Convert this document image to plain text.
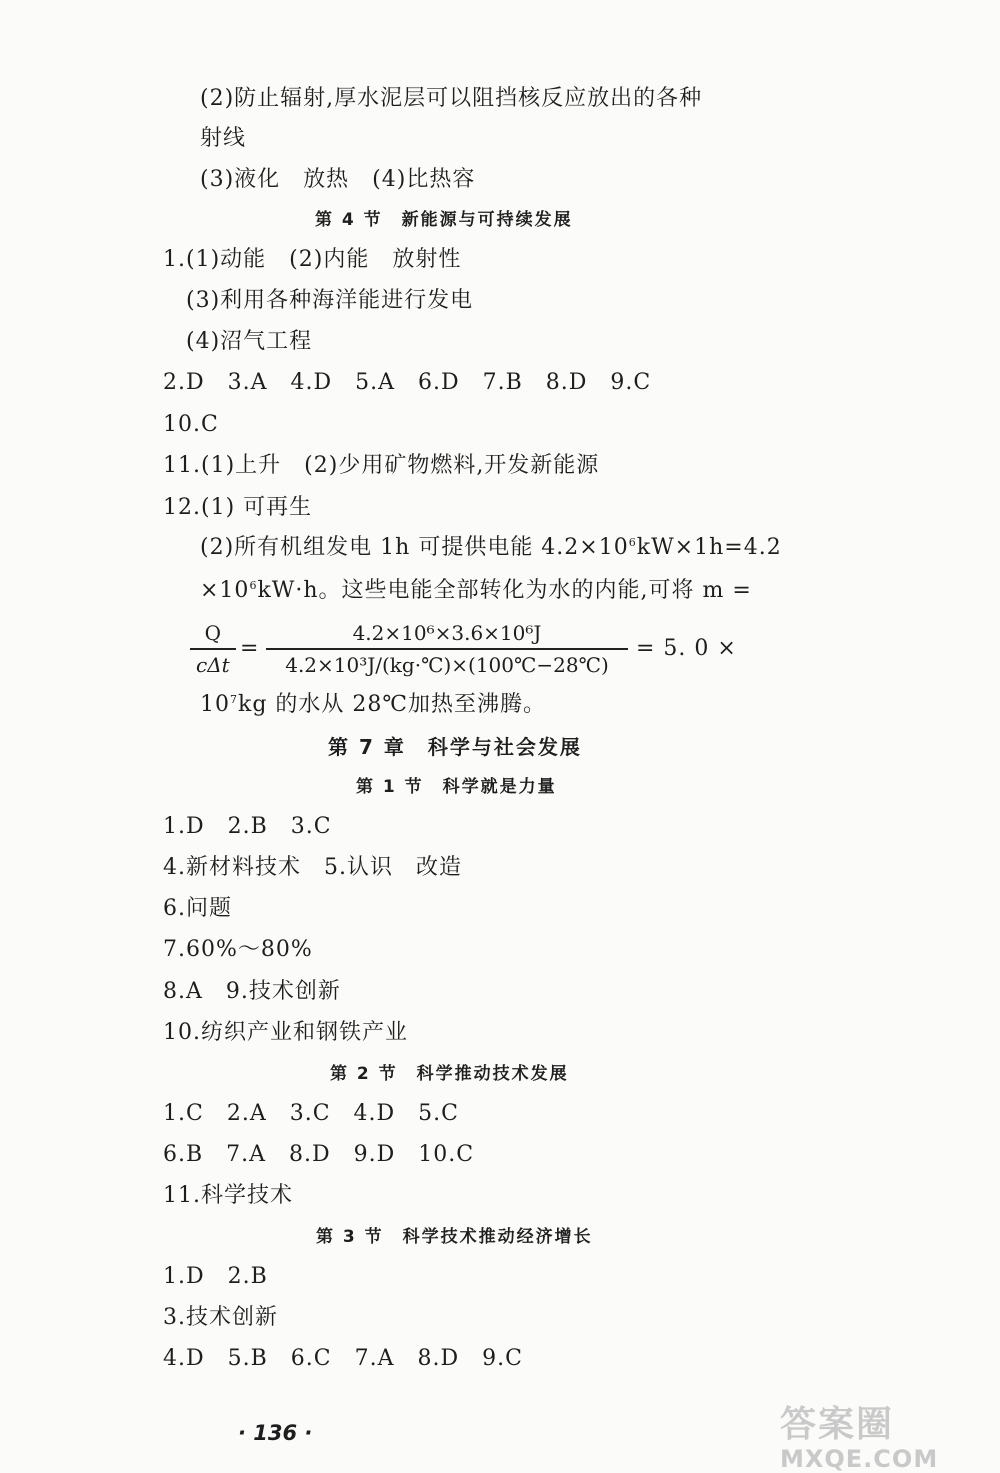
(2)防止辐射,厚水泥层可以阻挡核反应放出的各种
射线
(3)液化　放热　(4)比热容
第 4 节　新能源与可持续发展
1.(1)动能　(2)内能　放射性
(3)利用各种海洋能进行发电
(4)沼气工程
2.D　3.A　4.D　5.A　6.D　7.B　8.D　9.C
10.C
11.(1)上升　(2)少用矿物燃料,开发新能源
12.(1) 可再生
(2)所有机组发电 1h 可提供电能 $4.2\times 10^6kW\times 1h=4.2$
$\times 10^6kW\cdot h$。这些电能全部转化为水的内能,可将 m =
Q
cΔt
=
4.2×10⁶×3.6×10⁶J
4.2×10³J/(kg·℃)×(100℃−28℃)
= 5. 0 ×
$10^7kg$ 的水从 28℃加热至沸腾。
第 7 章　科学与社会发展
第 1 节　科学就是力量
1.D　2.B　3.C
4.新材料技术　5.认识　改造
6.问题
7.60%～80%
8.A　9.技术创新
10.纺织产业和钢铁产业
第 2 节　科学推动技术发展
1.C　2.A　3.C　4.D　5.C
6.B　7.A　8.D　9.D　10.C
11.科学技术
第 3 节　科学技术推动经济增长
1.D　2.B
3.技术创新
4.D　5.B　6.C　7.A　8.D　9.C
· 136 ·	答案圈
MXQE.COM
